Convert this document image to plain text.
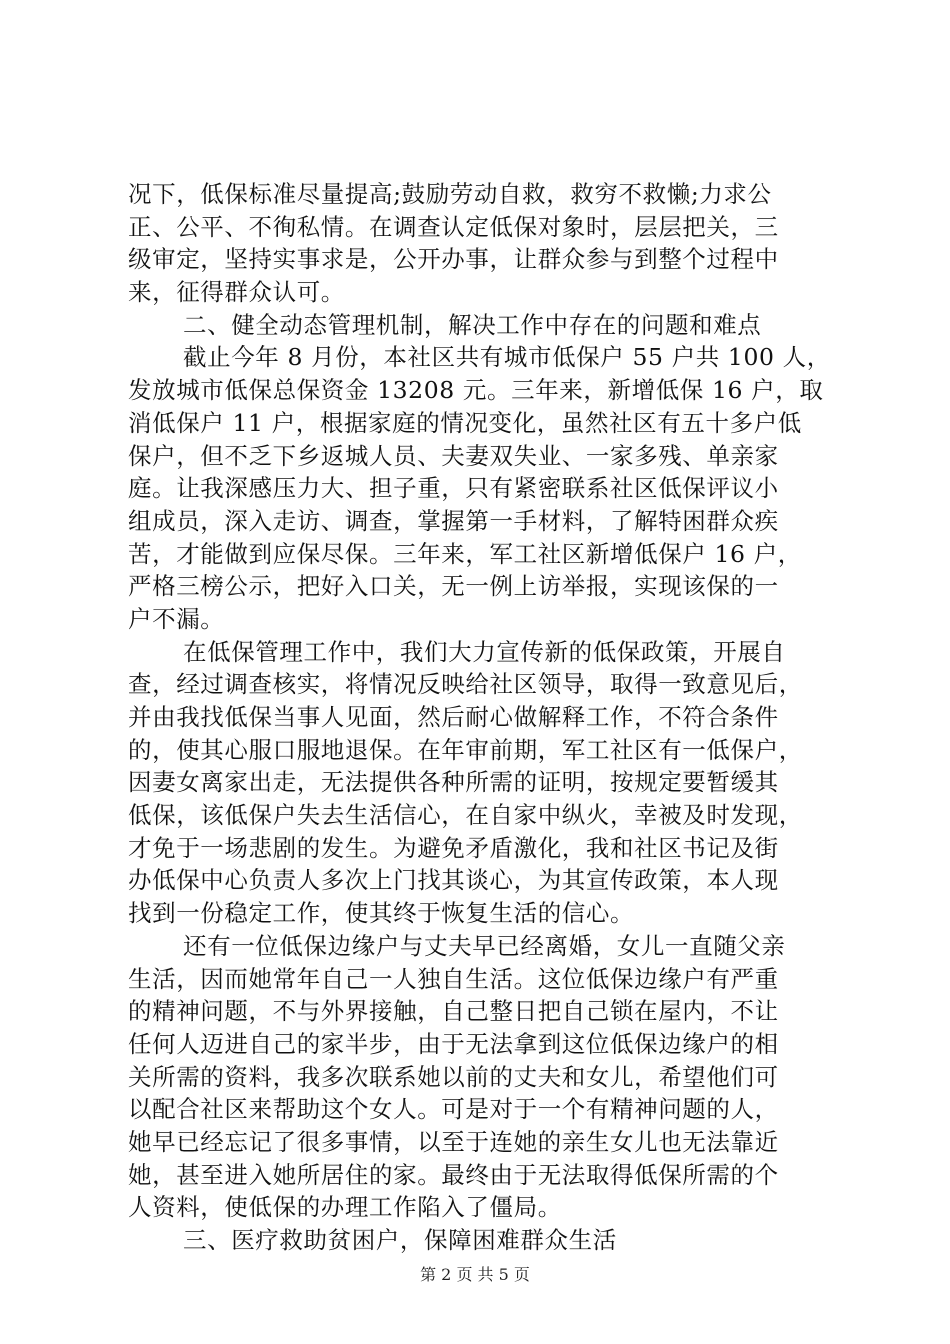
况下，低保标准尽量提高;鼓励劳动自救，救穷不救懒;力求公
正、公平、不徇私情。在调查认定低保对象时，层层把关，三
级审定，坚持实事求是，公开办事，让群众参与到整个过程中
来，征得群众认可。
二、健全动态管理机制，解决工作中存在的问题和难点
截止今年 8 月份，本社区共有城市低保户 55 户共 100 人，
发放城市低保总保资金 13208 元。三年来，新增低保 16 户，取
消低保户 11 户，根据家庭的情况变化，虽然社区有五十多户低
保户，但不乏下乡返城人员、夫妻双失业、一家多残、单亲家
庭。让我深感压力大、担子重，只有紧密联系社区低保评议小
组成员，深入走访、调查，掌握第一手材料，了解特困群众疾
苦，才能做到应保尽保。三年来，军工社区新增低保户 16 户，
严格三榜公示，把好入口关，无一例上访举报，实现该保的一
户不漏。
在低保管理工作中，我们大力宣传新的低保政策，开展自
查，经过调查核实，将情况反映给社区领导，取得一致意见后，
并由我找低保当事人见面，然后耐心做解释工作，不符合条件
的，使其心服口服地退保。在年审前期，军工社区有一低保户，
因妻女离家出走，无法提供各种所需的证明，按规定要暂缓其
低保，该低保户失去生活信心，在自家中纵火，幸被及时发现，
才免于一场悲剧的发生。为避免矛盾激化，我和社区书记及街
办低保中心负责人多次上门找其谈心，为其宣传政策，本人现
找到一份稳定工作，使其终于恢复生活的信心。
还有一位低保边缘户与丈夫早已经离婚，女儿一直随父亲
生活，因而她常年自己一人独自生活。这位低保边缘户有严重
的精神问题，不与外界接触，自己整日把自己锁在屋内，不让
任何人迈进自己的家半步，由于无法拿到这位低保边缘户的相
关所需的资料，我多次联系她以前的丈夫和女儿，希望他们可
以配合社区来帮助这个女人。可是对于一个有精神问题的人，
她早已经忘记了很多事情，以至于连她的亲生女儿也无法靠近
她，甚至进入她所居住的家。最终由于无法取得低保所需的个
人资料，使低保的办理工作陷入了僵局。
三、医疗救助贫困户，保障困难群众生活
第 2 页 共 5 页
